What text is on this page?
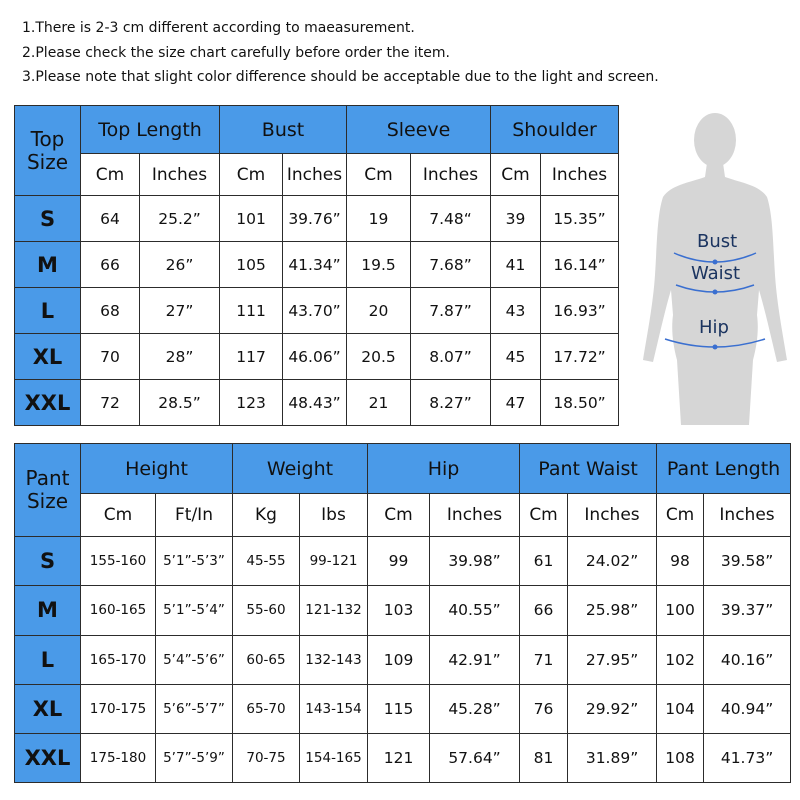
1.There is 2-3 cm different according to maeasurement.
2.Please check the size chart carefully before order the item.
3.Please note that slight color difference should be acceptable due to the light and screen.
Top
Size	Top Length		Bust		Sleeve		Shoulder	
	Cm	Inches	Cm	Inches	Cm	Inches	Cm	Inches
S	64	25.2”	101	39.76”	19	7.48“	39	15.35”
M	66	26”	105	41.34”	19.5	7.68”	41	16.14”
L	68	27”	111	43.70”	20	7.87”	43	16.93”
XL	70	28”	117	46.06”	20.5	8.07”	45	17.72”
XXL	72	28.5”	123	48.43”	21	8.27”	47	18.50”
Bust
Waist
Hip
Pant
Size	Height		Weight		Hip		Pant Waist		Pant Length	
	Cm	Ft/In	Kg	Ibs	Cm	Inches	Cm	Inches	Cm	Inches
S	155-160	5’1”-5’3”	45-55	99-121	99	39.98”	61	24.02”	98	39.58”
M	160-165	5’1”-5’4”	55-60	121-132	103	40.55”	66	25.98”	100	39.37”
L	165-170	5’4”-5’6”	60-65	132-143	109	42.91”	71	27.95”	102	40.16”
XL	170-175	5’6”-5’7”	65-70	143-154	115	45.28”	76	29.92”	104	40.94”
XXL	175-180	5’7”-5’9”	70-75	154-165	121	57.64”	81	31.89”	108	41.73”
